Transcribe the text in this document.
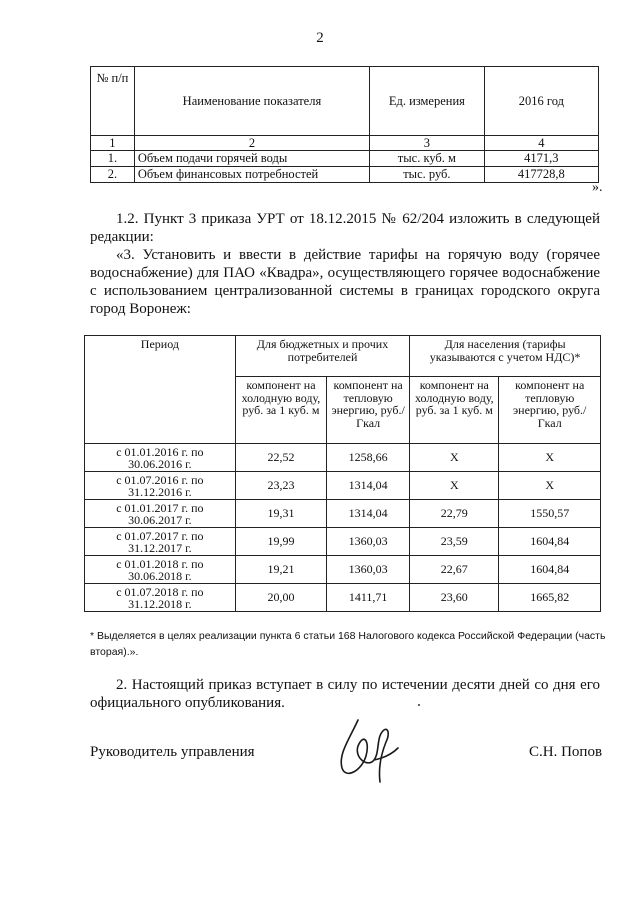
2
№ п/п	Наименование показателя	Ед. измерения	2016 год
1	2	3	4
1.	Объем подачи горячей воды	тыс. куб. м	4171,3
2.	Объем финансовых потребностей	тыс. руб.	417728,8
».
1.2. Пункт 3 приказа УРТ от 18.12.2015 № 62/204 изложить в следующей редакции:
«3. Установить и ввести в действие тарифы на горячую воду (горячее водоснабжение) для ПАО «Квадра», осуществляющего горячее водоснабжение с использованием централизованной системы в границах городского округа город Воронеж:
Период	Для бюджетных и прочих потребителей		Для населения (тарифы указываются с учетом НДС)*	
	компонент на холодную воду, руб. за 1 куб. м	компонент на тепловую энергию, руб./Гкал	компонент на холодную воду, руб. за 1 куб. м	компонент на тепловую энергию, руб./Гкал
с 01.01.2016 г. по 30.06.2016 г.	22,52	1258,66	Х	Х
с 01.07.2016 г. по 31.12.2016 г.	23,23	1314,04	Х	Х
с 01.01.2017 г. по 30.06.2017 г.	19,31	1314,04	22,79	1550,57
с 01.07.2017 г. по 31.12.2017 г.	19,99	1360,03	23,59	1604,84
с 01.01.2018 г. по 30.06.2018 г.	19,21	1360,03	22,67	1604,84
с 01.07.2018 г. по 31.12.2018 г.	20,00	1411,71	23,60	1665,82
* Выделяется в целях реализации пункта 6 статьи 168 Налогового кодекса Российской Федерации (часть вторая).».
2. Настоящий приказ вступает в силу по истечении десяти дней со дня его официального опубликования.
Руководитель управления	С.Н. Попов
